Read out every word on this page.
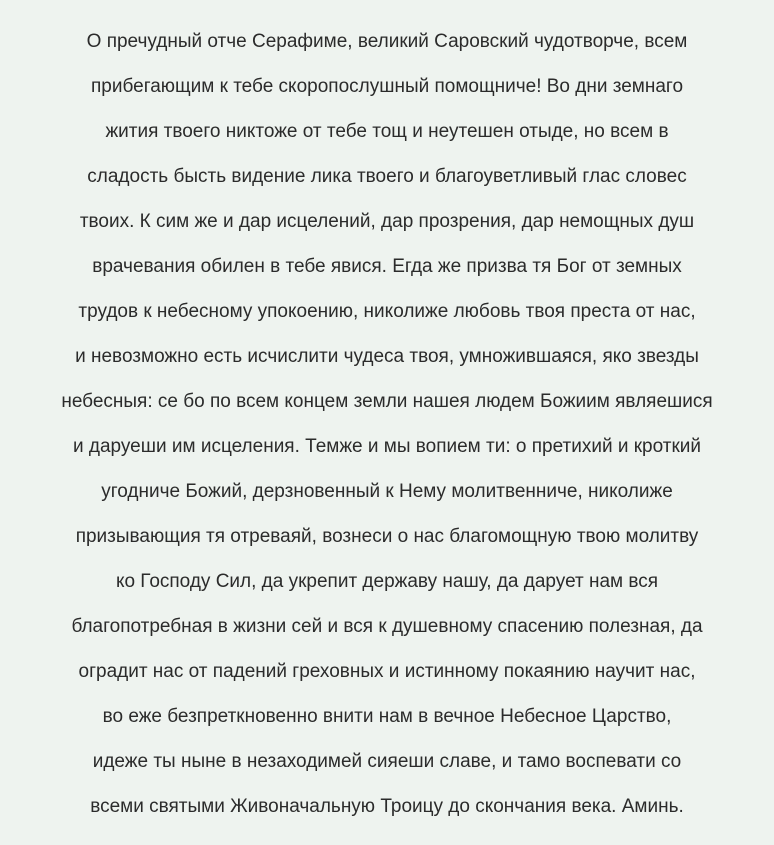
О пречудный отче Серафиме, великий Саровский чудотворче, всем
прибегающим к тебе скоропослушный помощниче! Во дни земнаго
жития твоего никтоже от тебе тощ и неутешен отыде, но всем в
сладость бысть видение лика твоего и благоуветливый глас словес
твоих. К сим же и дар исцелений, дар прозрения, дар немощных душ
врачевания обилен в тебе явися. Егда же призва тя Бог от земных
трудов к небесному упокоению, николиже любовь твоя преста от нас,
и невозможно есть исчислити чудеса твоя, умножившаяся, яко звезды
небесныя: се бо по всем концем земли нашея людем Божиим являешися
и даруеши им исцеления. Темже и мы вопием ти: о претихий и кроткий
угодниче Божий, дерзновенный к Нему молитвенниче, николиже
призывающия тя отреваяй, вознеси о нас благомощную твою молитву
ко Господу Сил, да укрепит державу нашу, да дарует нам вся
благопотребная в жизни сей и вся к душевному спасению полезная, да
оградит нас от падений греховных и истинному покаянию научит нас,
во еже безпреткновенно внити нам в вечное Небесное Царство,
идеже ты ныне в незаходимей сияеши славе, и тамо воспевати со
всеми святыми Живоначальную Троицу до скончания века. Аминь.
